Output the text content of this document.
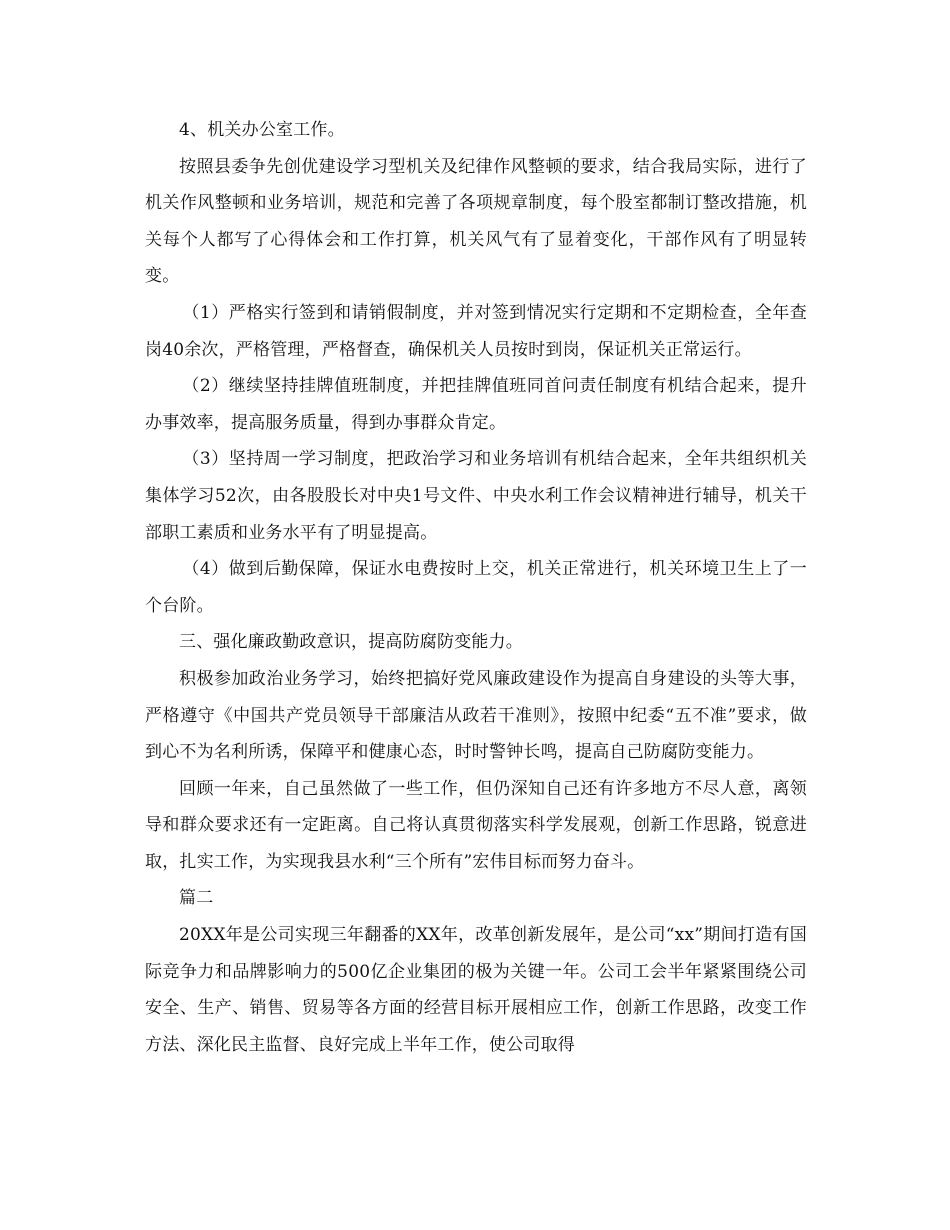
4、机关办公室工作。

按照县委争先创优建设学习型机关及纪律作风整顿的要求，结合我局实际，进行了机关作风整顿和业务培训，规范和完善了各项规章制度，每个股室都制订整改措施，机关每个人都写了心得体会和工作打算，机关风气有了显着变化，干部作风有了明显转变。

（1）严格实行签到和请销假制度，并对签到情况实行定期和不定期检查，全年查岗40余次，严格管理，严格督查，确保机关人员按时到岗，保证机关正常运行。

（2）继续坚持挂牌值班制度，并把挂牌值班同首问责任制度有机结合起来，提升办事效率，提高服务质量，得到办事群众肯定。

（3）坚持周一学习制度，把政治学习和业务培训有机结合起来，全年共组织机关集体学习52次，由各股股长对中央1号文件、中央水利工作会议精神进行辅导，机关干部职工素质和业务水平有了明显提高。

（4）做到后勤保障，保证水电费按时上交，机关正常进行，机关环境卫生上了一个台阶。

三、强化廉政勤政意识，提高防腐防变能力。

积极参加政治业务学习，始终把搞好党风廉政建设作为提高自身建设的头等大事，严格遵守《中国共产党员领导干部廉洁从政若干准则》，按照中纪委“五不准”要求，做到心不为名利所诱，保障平和健康心态，时时警钟长鸣，提高自己防腐防变能力。

回顾一年来，自己虽然做了一些工作，但仍深知自己还有许多地方不尽人意，离领导和群众要求还有一定距离。自己将认真贯彻落实科学发展观，创新工作思路，锐意进取，扎实工作，为实现我县水利“三个所有”宏伟目标而努力奋斗。

篇二

20XX年是公司实现三年翻番的XX年，改革创新发展年，是公司“xx”期间打造有国际竞争力和品牌影响力的500亿企业集团的极为关键一年。公司工会半年紧紧围绕公司安全、生产、销售、贸易等各方面的经营目标开展相应工作，创新工作思路，改变工作方法、深化民主监督、良好完成上半年工作，使公司取得
